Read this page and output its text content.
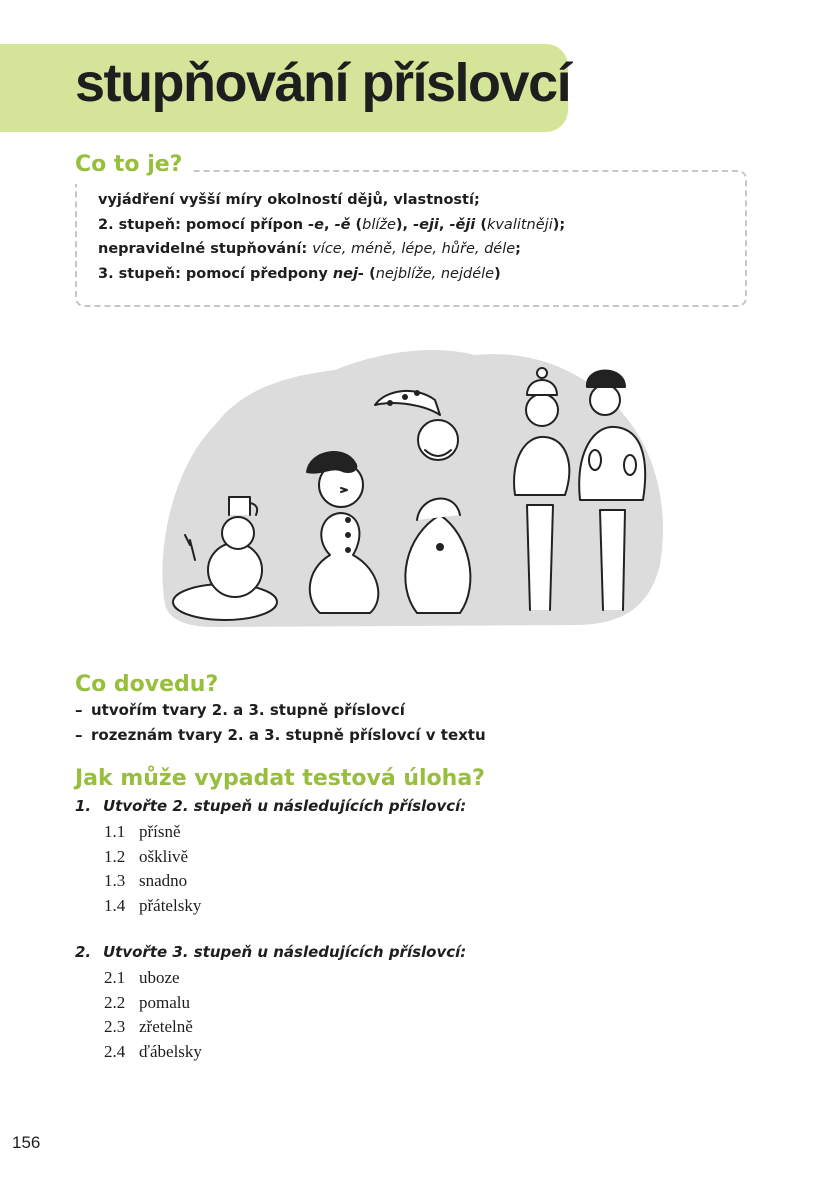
stupňování příslovcí
Co to je?
vyjádření vyšší míry okolností dějů, vlastností;
2. stupeň: pomocí přípon -e, -ě (blíže), -eji, -ěji (kvalitněji);
nepravidelné stupňování: více, méně, lépe, hůře, déle;
3. stupeň: pomocí předpony nej- (nejblíže, nejdéle)
Co dovedu?
– utvořím tvary 2. a 3. stupně příslovcí
– rozeznám tvary 2. a 3. stupně příslovcí v textu
Jak může vypadat testová úloha?
1. Utvořte 2. stupeň u následujících příslovcí:
1.1 přísně
1.2 ošklivě
1.3 snadno
1.4 přátelsky
2. Utvořte 3. stupeň u následujících příslovcí:
2.1 uboze
2.2 pomalu
2.3 zřetelně
2.4 ďábelsky
156
